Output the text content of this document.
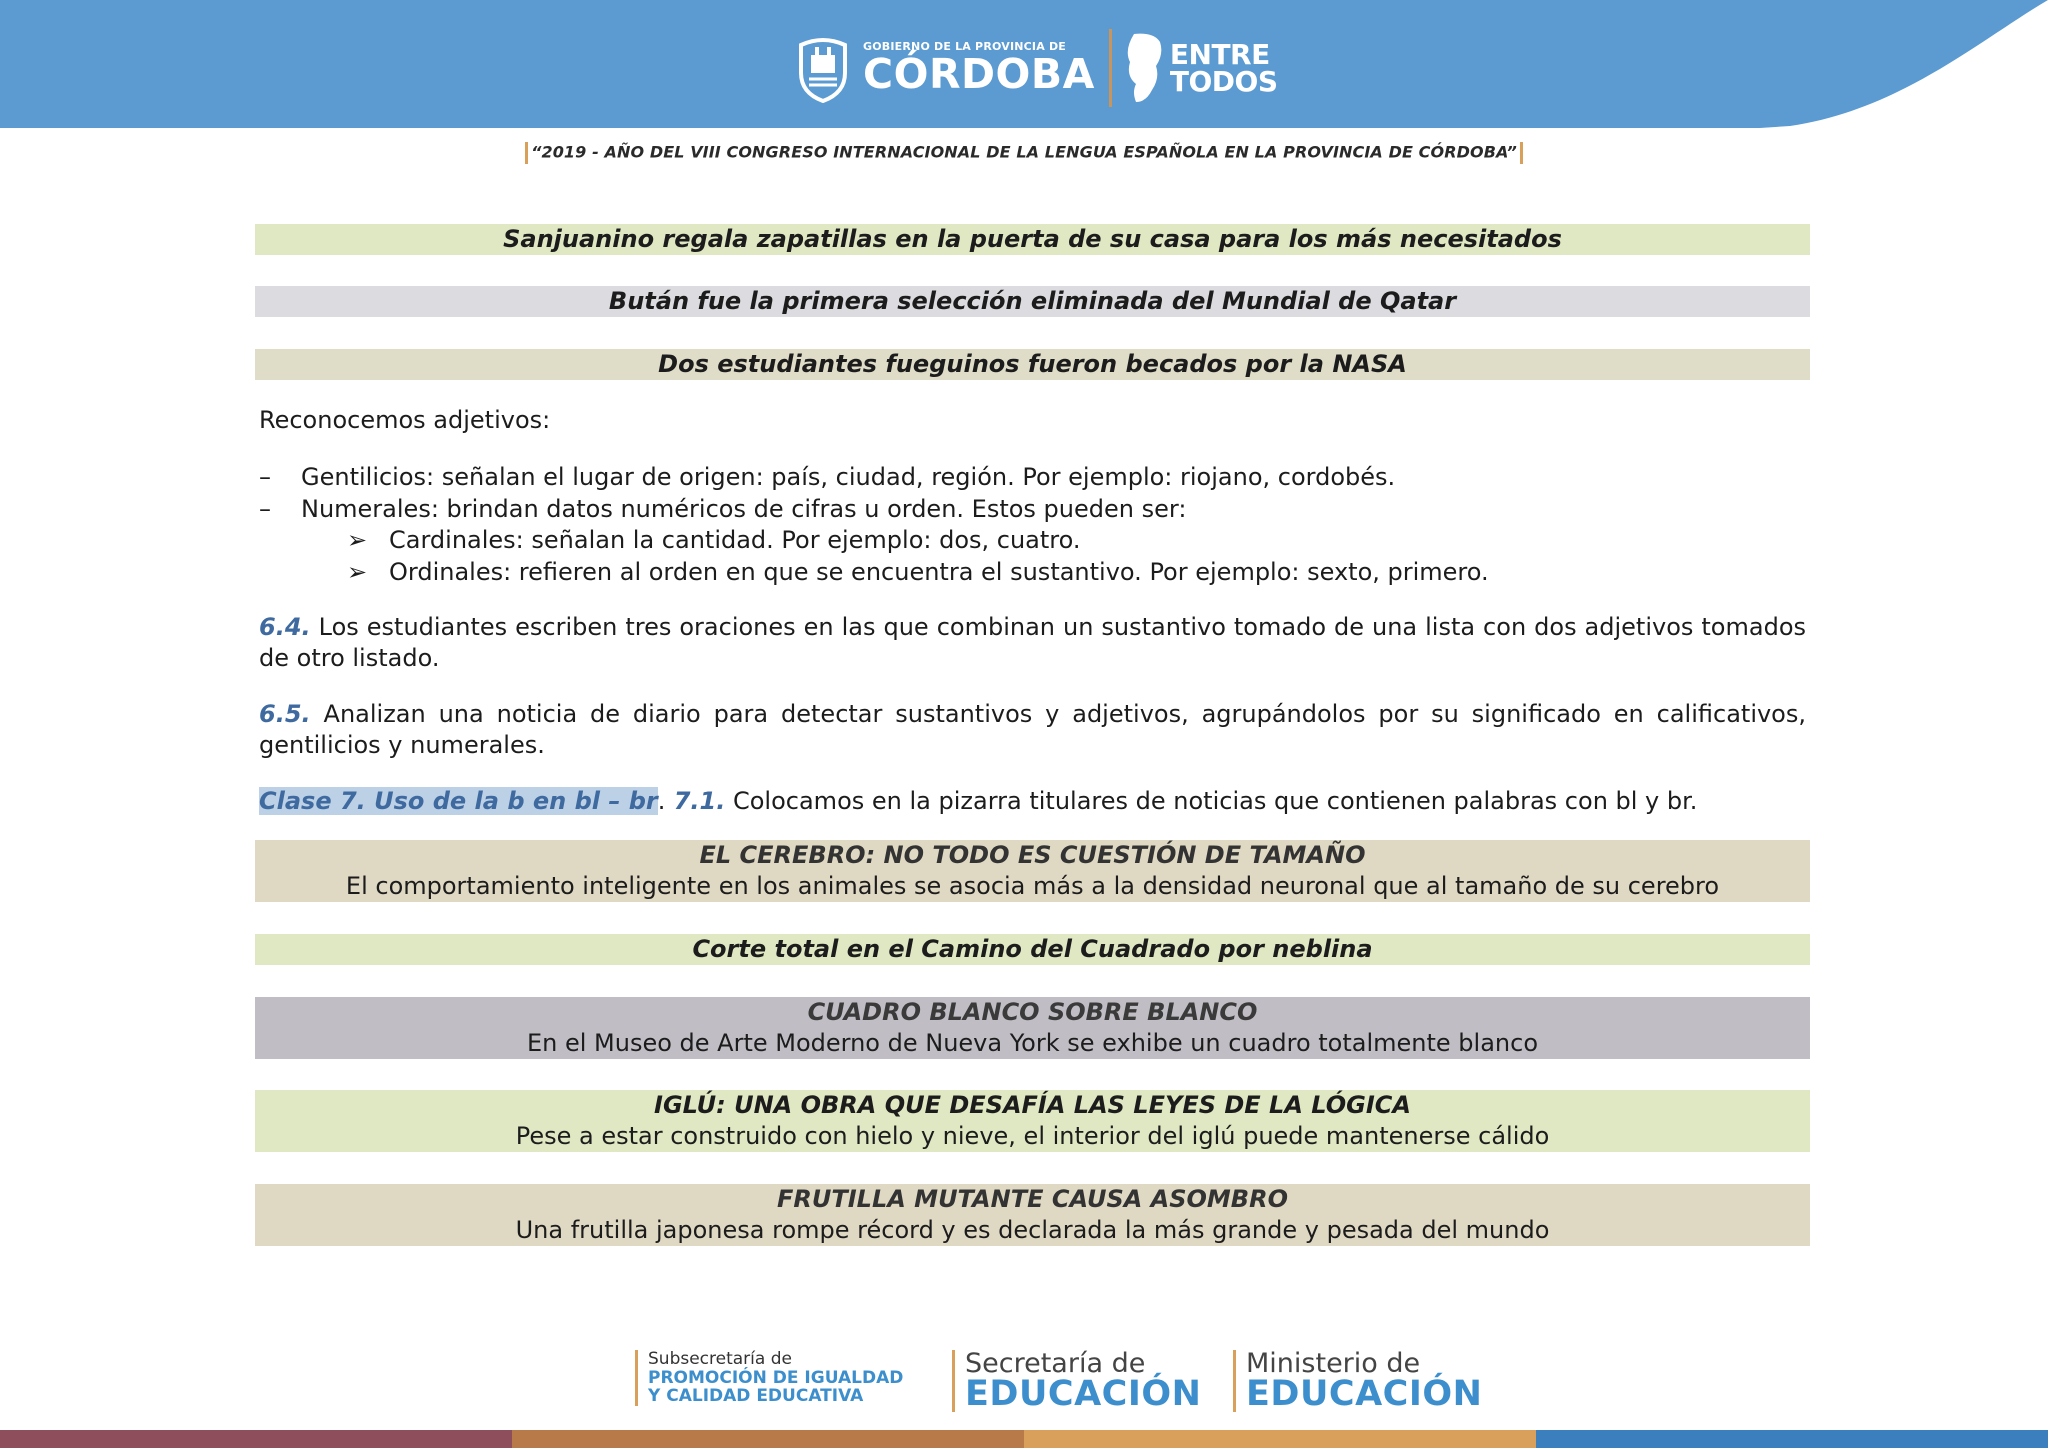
GOBIERNO DE LA PROVINCIA DE
CÓRDOBA	ENTRE
TODOS
“2019 - AÑO DEL VIII CONGRESO INTERNACIONAL DE LA LENGUA ESPAÑOLA EN LA PROVINCIA DE CÓRDOBA”
Sanjuanino regala zapatillas en la puerta de su casa para los más necesitados
Bután fue la primera selección eliminada del Mundial de Qatar
Dos estudiantes fueguinos fueron becados por la NASA
Reconocemos adjetivos:
– Gentilicios: señalan el lugar de origen: país, ciudad, región. Por ejemplo: riojano, cordobés.
– Numerales: brindan datos numéricos de cifras u orden. Estos pueden ser:
➢ Cardinales: señalan la cantidad. Por ejemplo: dos, cuatro.
➢ Ordinales: refieren al orden en que se encuentra el sustantivo. Por ejemplo: sexto, primero.
6.4. Los estudiantes escriben tres oraciones en las que combinan un sustantivo tomado de una lista con dos adjetivos tomados de otro listado.
6.5. Analizan una noticia de diario para detectar sustantivos y adjetivos, agrupándolos por su significado en calificativos, gentilicios y numerales.
Clase 7. Uso de la b en bl – br. 7.1. Colocamos en la pizarra titulares de noticias que contienen palabras con bl y br.
EL CEREBRO: NO TODO ES CUESTIÓN DE TAMAÑO
El comportamiento inteligente en los animales se asocia más a la densidad neuronal que al tamaño de su cerebro
Corte total en el Camino del Cuadrado por neblina
CUADRO BLANCO SOBRE BLANCO
En el Museo de Arte Moderno de Nueva York se exhibe un cuadro totalmente blanco
IGLÚ: UNA OBRA QUE DESAFÍA LAS LEYES DE LA LÓGICA
Pese a estar construido con hielo y nieve, el interior del iglú puede mantenerse cálido
FRUTILLA MUTANTE CAUSA ASOMBRO
Una frutilla japonesa rompe récord y es declarada la más grande y pesada del mundo
Subsecretaría de
PROMOCIÓN DE IGUALDAD
Y CALIDAD EDUCATIVA
Secretaría de
EDUCACIÓN
Ministerio de
EDUCACIÓN
